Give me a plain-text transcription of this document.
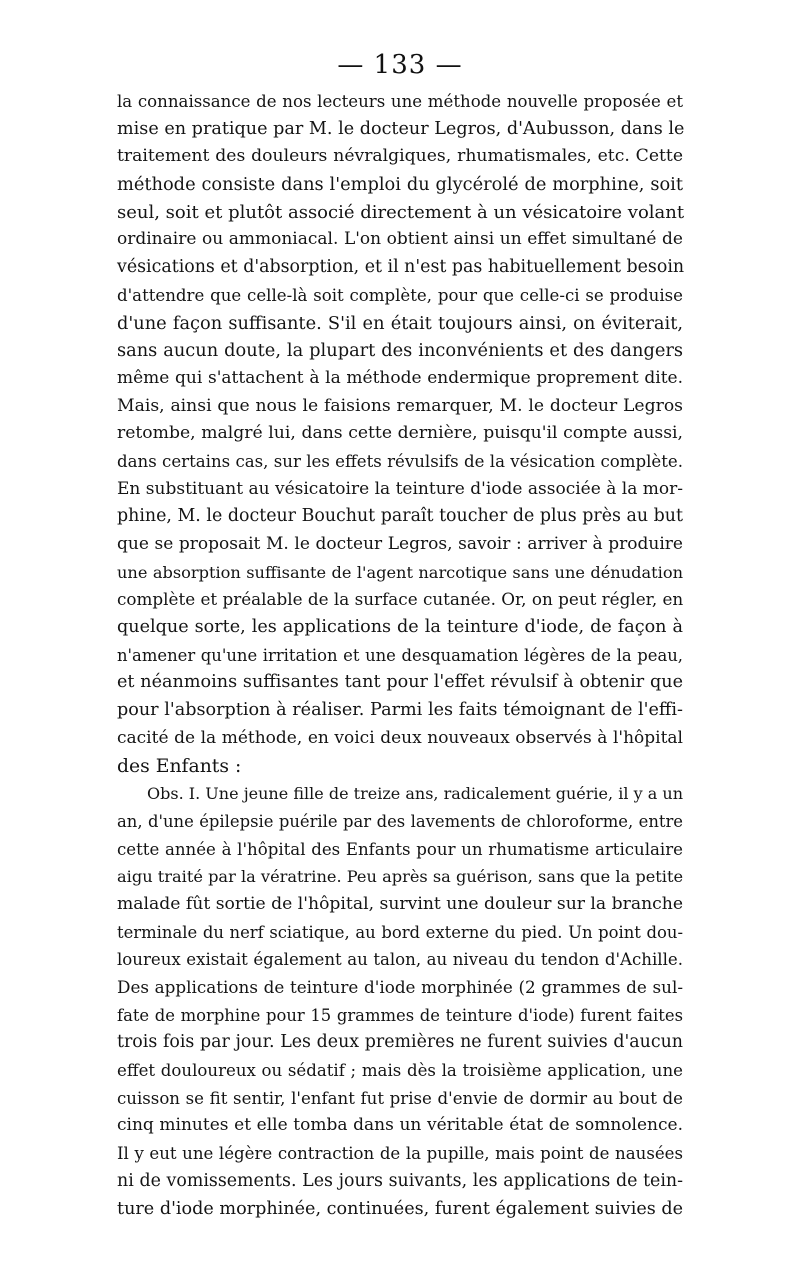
— 133 —
la connaissance de nos lecteurs une méthode nouvelle proposée et
mise en pratique par M. le docteur Legros, d'Aubusson, dans le
traitement des douleurs névralgiques, rhumatismales, etc. Cette
méthode consiste dans l'emploi du glycérolé de morphine, soit
seul, soit et plutôt associé directement à un vésicatoire volant
ordinaire ou ammoniacal. L'on obtient ainsi un effet simultané de
vésications et d'absorption, et il n'est pas habituellement besoin
d'attendre que celle-là soit complète, pour que celle-ci se produise
d'une façon suffisante. S'il en était toujours ainsi, on éviterait,
sans aucun doute, la plupart des inconvénients et des dangers
même qui s'attachent à la méthode endermique proprement dite.
Mais, ainsi que nous le faisions remarquer, M. le docteur Legros
retombe, malgré lui, dans cette dernière, puisqu'il compte aussi,
dans certains cas, sur les effets révulsifs de la vésication complète.
En substituant au vésicatoire la teinture d'iode associée à la mor-
phine, M. le docteur Bouchut paraît toucher de plus près au but
que se proposait M. le docteur Legros, savoir : arriver à produire
une absorption suffisante de l'agent narcotique sans une dénudation
complète et préalable de la surface cutanée. Or, on peut régler, en
quelque sorte, les applications de la teinture d'iode, de façon à
n'amener qu'une irritation et une desquamation légères de la peau,
et néanmoins suffisantes tant pour l'effet révulsif à obtenir que
pour l'absorption à réaliser. Parmi les faits témoignant de l'effi-
cacité de la méthode, en voici deux nouveaux observés à l'hôpital
des Enfants :
Obs. I. Une jeune fille de treize ans, radicalement guérie, il y a un
an, d'une épilepsie puérile par des lavements de chloroforme, entre
cette année à l'hôpital des Enfants pour un rhumatisme articulaire
aigu traité par la vératrine. Peu après sa guérison, sans que la petite
malade fût sortie de l'hôpital, survint une douleur sur la branche
terminale du nerf sciatique, au bord externe du pied. Un point dou-
loureux existait également au talon, au niveau du tendon d'Achille.
Des applications de teinture d'iode morphinée (2 grammes de sul-
fate de morphine pour 15 grammes de teinture d'iode) furent faites
trois fois par jour. Les deux premières ne furent suivies d'aucun
effet douloureux ou sédatif ; mais dès la troisième application, une
cuisson se fit sentir, l'enfant fut prise d'envie de dormir au bout de
cinq minutes et elle tomba dans un véritable état de somnolence.
Il y eut une légère contraction de la pupille, mais point de nausées
ni de vomissements. Les jours suivants, les applications de tein-
ture d'iode morphinée, continuées, furent également suivies de
